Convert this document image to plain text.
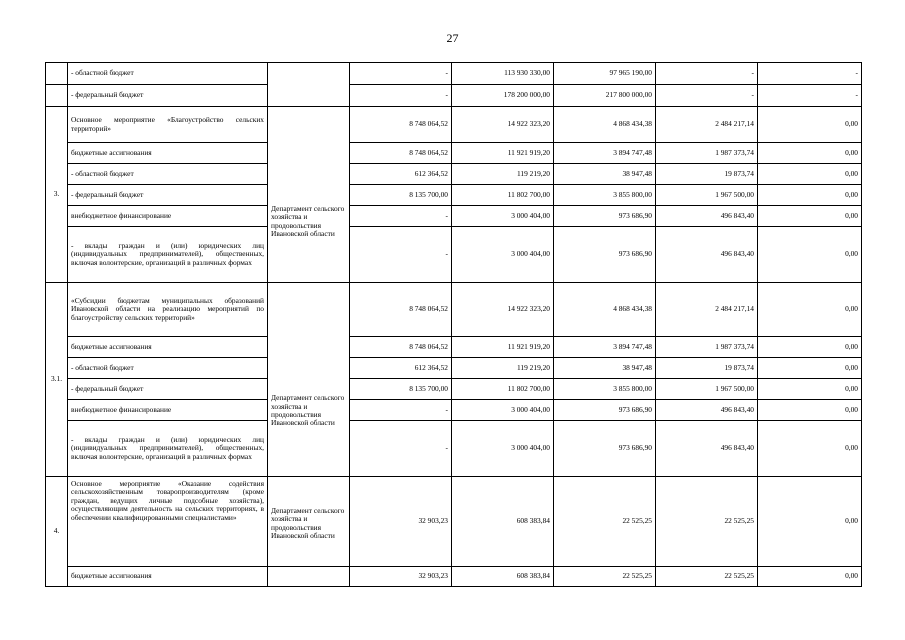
27
	- областной бюджет		-	113 930 330,00	97 965 190,00	-	-
	- федеральный бюджет		-	178 200 000,00	217 800 000,00	-	-
3.	Основное мероприятие «Благоустройство сельских территорий»	Департамент сельского хозяйства и продовольствия Ивановской области	8 748 064,52	14 922 323,20	4 868 434,38	2 484 217,14	0,00
	бюджетные ассигнования		8 748 064,52	11 921 919,20	3 894 747,48	1 987 373,74	0,00
	- областной бюджет		612 364,52	119 219,20	38 947,48	19 873,74	0,00
	- федеральный бюджет		8 135 700,00	11 802 700,00	3 855 800,00	1 967 500,00	0,00
	внебюджетное финансирование		-	3 000 404,00	973 686,90	496 843,40	0,00
	- вклады граждан и (или) юридических лиц (индивидуальных предпринимателей), общественных, включая волонтерские, организаций в различных формах		-	3 000 404,00	973 686,90	496 843,40	0,00
3.1.	«Субсидии бюджетам муниципальных образований Ивановской области на реализацию мероприятий по благоустройству сельских территорий»	Департамент сельского хозяйства и продовольствия Ивановской области	8 748 064,52	14 922 323,20	4 868 434,38	2 484 217,14	0,00
	бюджетные ассигнования		8 748 064,52	11 921 919,20	3 894 747,48	1 987 373,74	0,00
	- областной бюджет		612 364,52	119 219,20	38 947,48	19 873,74	0,00
	- федеральный бюджет		8 135 700,00	11 802 700,00	3 855 800,00	1 967 500,00	0,00
	внебюджетное финансирование		-	3 000 404,00	973 686,90	496 843,40	0,00
	- вклады граждан и (или) юридических лиц (индивидуальных предпринимателей), общественных, включая волонтерские, организаций в различных формах		-	3 000 404,00	973 686,90	496 843,40	0,00
4.	Основное мероприятие «Оказание содействия сельскохозяйственным товаропроизводителям (кроме граждан, ведущих личные подсобные хозяйства), осуществляющим деятельность на сельских территориях, в обеспечении квалифицированными специалистами»	Департамент сельского хозяйства и продовольствия Ивановской области	32 903,23	608 383,84	22 525,25	22 525,25	0,00
	бюджетные ассигнования		32 903,23	608 383,84	22 525,25	22 525,25	0,00
